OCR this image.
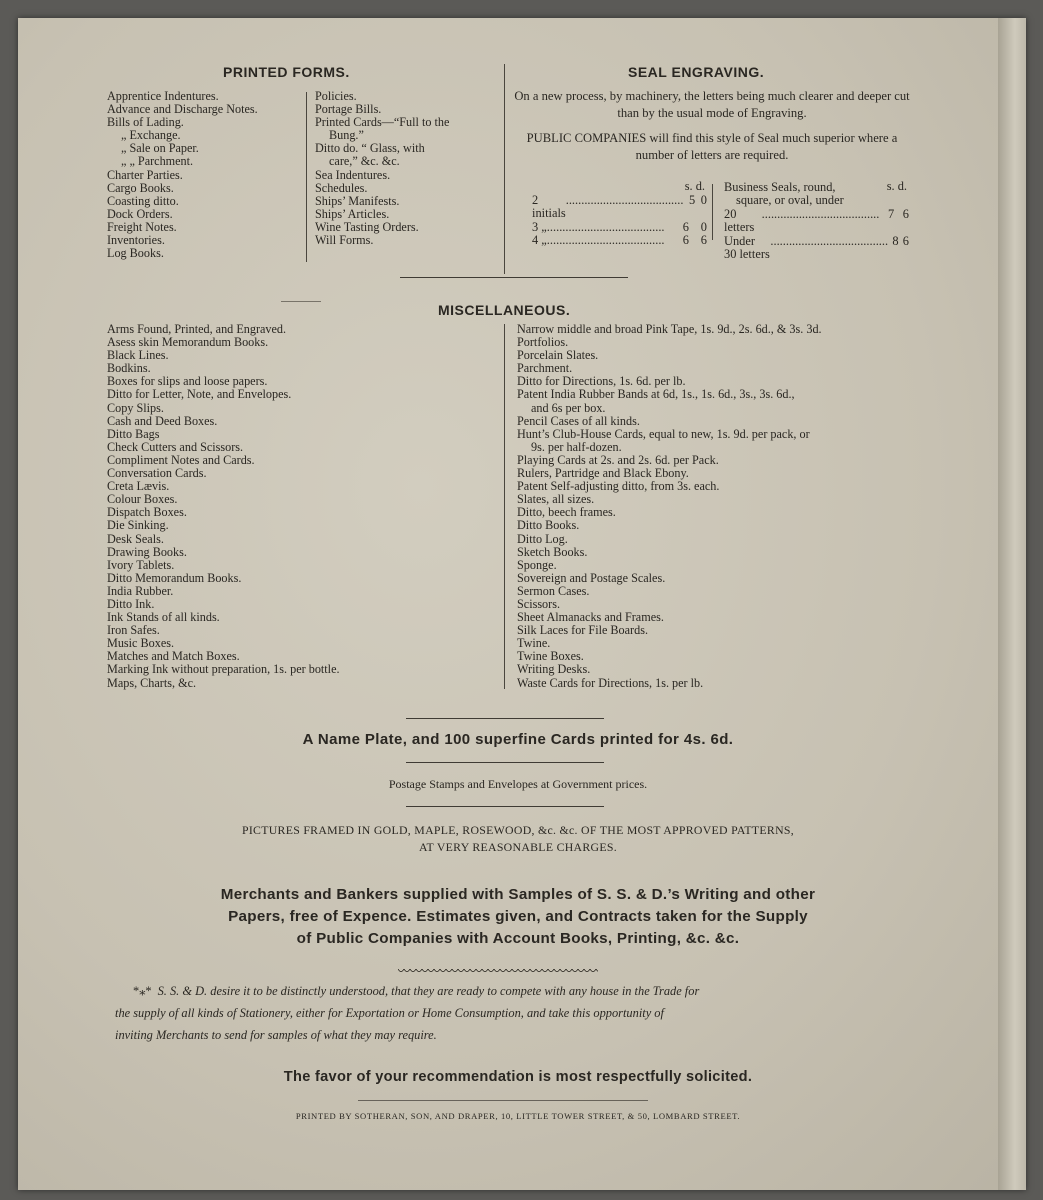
PRINTED FORMS.
Apprentice Indentures.
Advance and Discharge Notes.
Bills of Lading.
„ Exchange.
„ Sale on Paper.
„ „ Parchment.
Charter Parties.
Cargo Books.
Coasting ditto.
Dock Orders.
Freight Notes.
Inventories.
Log Books.
Policies.
Portage Bills.
Printed Cards—“Full to the
Bung.”
Ditto do. “ Glass, with
care,” &c. &c.
Sea Indentures.
Schedules.
Ships’ Manifests.
Ships’ Articles.
Wine Tasting Orders.
Will Forms.
SEAL ENGRAVING.
On a new process, by machinery, the letters being much clearer and deeper cut than by the usual mode of Engraving.
PUBLIC COMPANIES will find this style of Seal much superior where a number of letters are required.
s. d.
2 initials
...................................... 5 0
3 „ ......................................	6 0
4 „ ......................................	6 6
s. d.
Business Seals, round,
square, or oval, under
20 letters
...................................... 7 6
Under 30 letters
...................................... 8 6
MISCELLANEOUS.
Arms Found, Printed, and Engraved.
Asess skin Memorandum Books.
Black Lines.
Bodkins.
Boxes for slips and loose papers.
Ditto for Letter, Note, and Envelopes.
Copy Slips.
Cash and Deed Boxes.
Ditto Bags
Check Cutters and Scissors.
Compliment Notes and Cards.
Conversation Cards.
Creta Lævis.
Colour Boxes.
Dispatch Boxes.
Die Sinking.
Desk Seals.
Drawing Books.
Ivory Tablets.
Ditto Memorandum Books.
India Rubber.
Ditto Ink.
Ink Stands of all kinds.
Iron Safes.
Music Boxes.
Matches and Match Boxes.
Marking Ink without preparation, 1s. per bottle.
Maps, Charts, &c.
Narrow middle and broad Pink Tape, 1s. 9d., 2s. 6d., & 3s. 3d.
Portfolios.
Porcelain Slates.
Parchment.
Ditto for Directions, 1s. 6d. per lb.
Patent India Rubber Bands at 6d, 1s., 1s. 6d., 3s., 3s. 6d.,
and 6s per box.
Pencil Cases of all kinds.
Hunt’s Club-House Cards, equal to new, 1s. 9d. per pack, or
9s. per half-dozen.
Playing Cards at 2s. and 2s. 6d. per Pack.
Rulers, Partridge and Black Ebony.
Patent Self-adjusting ditto, from 3s. each.
Slates, all sizes.
Ditto, beech frames.
Ditto Books.
Ditto Log.
Sketch Books.
Sponge.
Sovereign and Postage Scales.
Sermon Cases.
Scissors.
Sheet Almanacks and Frames.
Silk Laces for File Boards.
Twine.
Twine Boxes.
Writing Desks.
Waste Cards for Directions, 1s. per lb.
A Name Plate, and 100 superfine Cards printed for 4s. 6d.
Postage Stamps and Envelopes at Government prices.
PICTURES FRAMED IN GOLD, MAPLE, ROSEWOOD, &c. &c. OF THE MOST APPROVED PATTERNS,
AT VERY REASONABLE CHARGES.
Merchants and Bankers supplied with Samples of S. S. & D.’s Writing and other
Papers, free of Expence. Estimates given, and Contracts taken for the Supply
of Public Companies with Account Books, Printing, &c. &c.
*⁎* S. S. & D. desire it to be distinctly understood, that they are ready to compete with any house in the Trade for
the supply of all kinds of Stationery, either for Exportation or Home Consumption, and take this opportunity of
inviting Merchants to send for samples of what they may require.
The favor of your recommendation is most respectfully solicited.
PRINTED BY SOTHERAN, SON, AND DRAPER, 10, LITTLE TOWER STREET, & 50, LOMBARD STREET.
